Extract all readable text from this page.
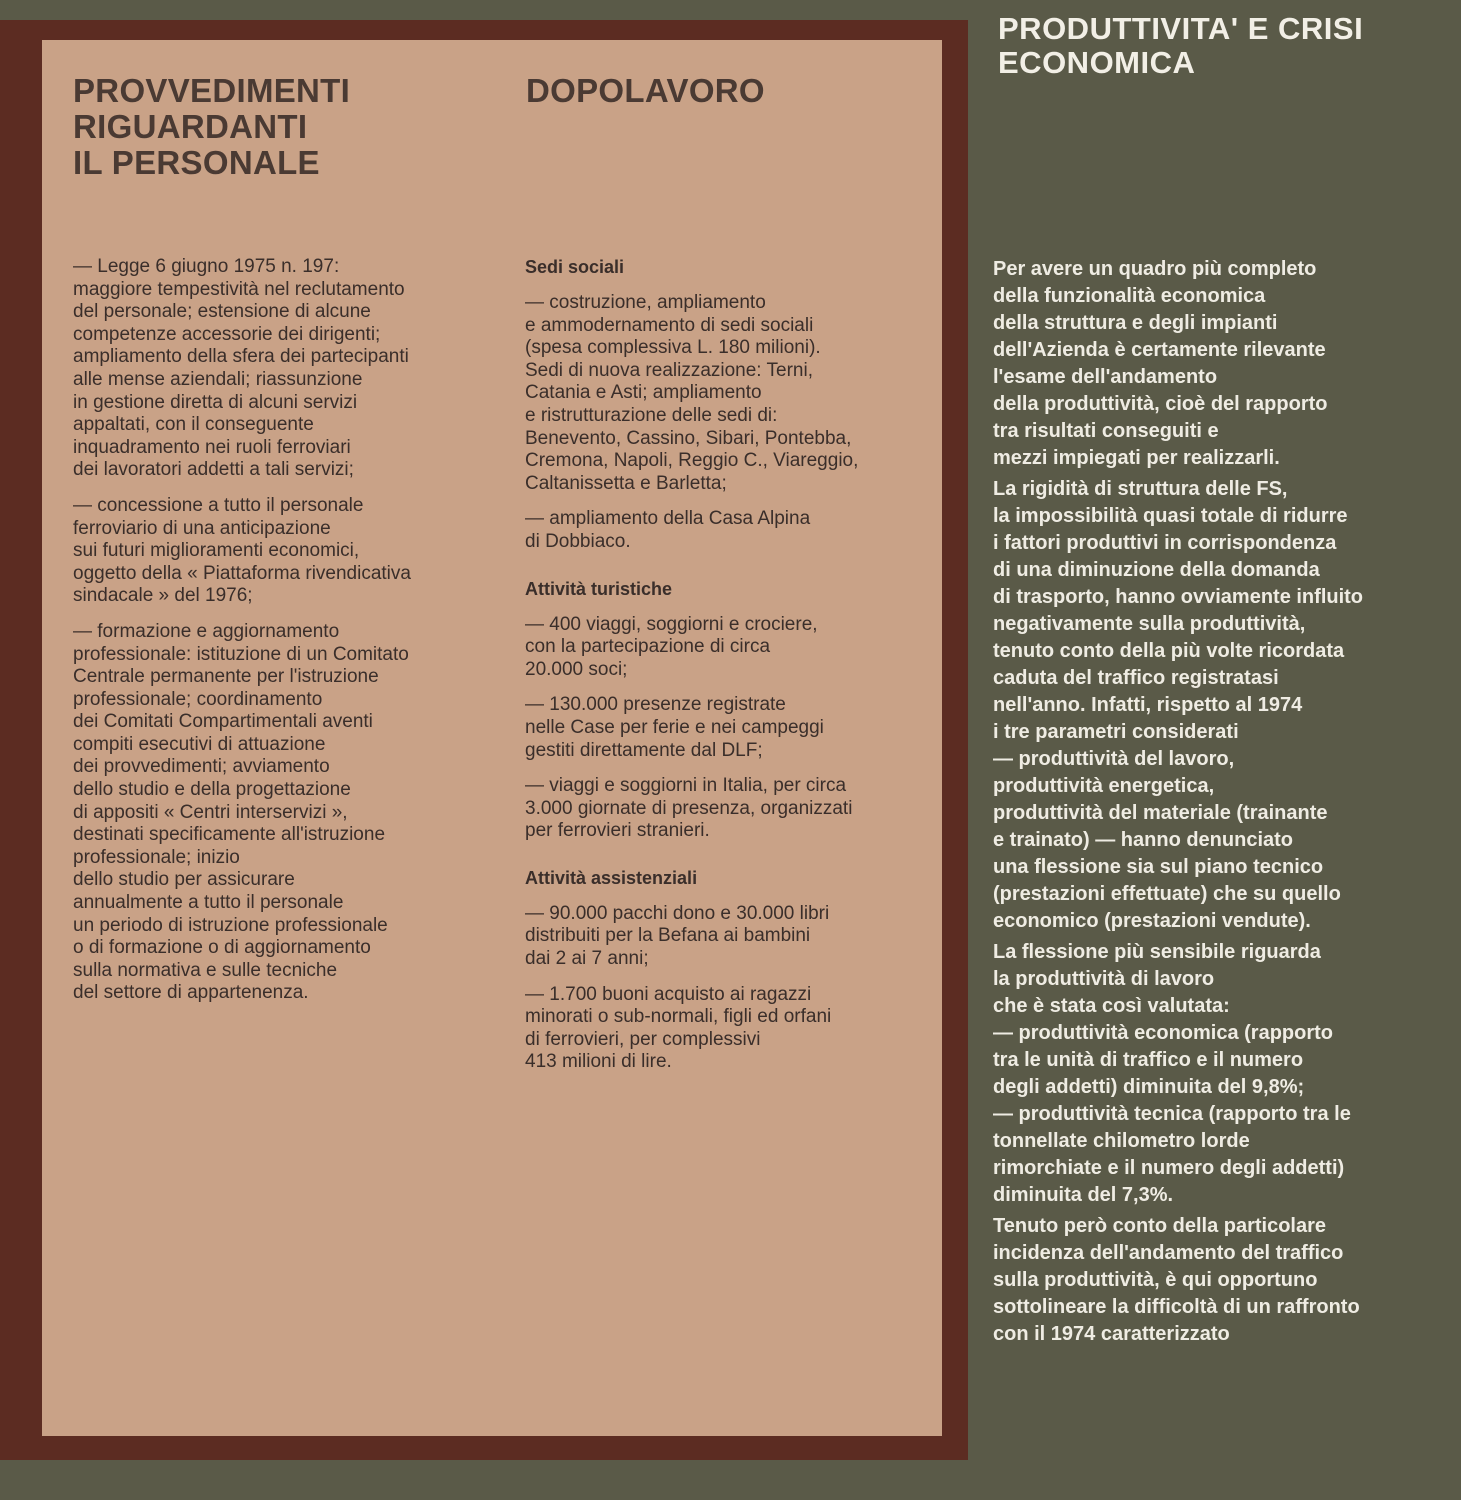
PROVVEDIMENTI
RIGUARDANTI
IL PERSONALE
DOPOLAVORO

— Legge 6 giugno 1975 n. 197:
maggiore tempestività nel reclutamento
del personale; estensione di alcune
competenze accessorie dei dirigenti;
ampliamento della sfera dei partecipanti
alle mense aziendali; riassunzione
in gestione diretta di alcuni servizi
appaltati, con il conseguente
inquadramento nei ruoli ferroviari
dei lavoratori addetti a tali servizi;

— concessione a tutto il personale
ferroviario di una anticipazione
sui futuri miglioramenti economici,
oggetto della « Piattaforma rivendicativa
sindacale » del 1976;

— formazione e aggiornamento
professionale: istituzione di un Comitato
Centrale permanente per l'istruzione
professionale; coordinamento
dei Comitati Compartimentali aventi
compiti esecutivi di attuazione
dei provvedimenti; avviamento
dello studio e della progettazione
di appositi « Centri interservizi »,
destinati specificamente all'istruzione
professionale; inizio
dello studio per assicurare
annualmente a tutto il personale
un periodo di istruzione professionale
o di formazione o di aggiornamento
sulla normativa e sulle tecniche
del settore di appartenenza.

Sedi sociali

— costruzione, ampliamento
e ammodernamento di sedi sociali
(spesa complessiva L. 180 milioni).
Sedi di nuova realizzazione: Terni,
Catania e Asti; ampliamento
e ristrutturazione delle sedi di:
Benevento, Cassino, Sibari, Pontebba,
Cremona, Napoli, Reggio C., Viareggio,
Caltanissetta e Barletta;

— ampliamento della Casa Alpina
di Dobbiaco.

Attività turistiche

— 400 viaggi, soggiorni e crociere,
con la partecipazione di circa
20.000 soci;

— 130.000 presenze registrate
nelle Case per ferie e nei campeggi
gestiti direttamente dal DLF;

— viaggi e soggiorni in Italia, per circa
3.000 giornate di presenza, organizzati
per ferrovieri stranieri.

Attività assistenziali

— 90.000 pacchi dono e 30.000 libri
distribuiti per la Befana ai bambini
dai 2 ai 7 anni;

— 1.700 buoni acquisto ai ragazzi
minorati o sub-normali, figli ed orfani
di ferrovieri, per complessivi
413 milioni di lire.

PRODUTTIVITA' E CRISI
ECONOMICA

Per avere un quadro più completo
della funzionalità economica
della struttura e degli impianti
dell'Azienda è certamente rilevante
l'esame dell'andamento
della produttività, cioè del rapporto
tra risultati conseguiti e
mezzi impiegati per realizzarli.

La rigidità di struttura delle FS,
la impossibilità quasi totale di ridurre
i fattori produttivi in corrispondenza
di una diminuzione della domanda
di trasporto, hanno ovviamente influito
negativamente sulla produttività,
tenuto conto della più volte ricordata
caduta del traffico registratasi
nell'anno. Infatti, rispetto al 1974
i tre parametri considerati
— produttività del lavoro,
produttività energetica,
produttività del materiale (trainante
e trainato) — hanno denunciato
una flessione sia sul piano tecnico
(prestazioni effettuate) che su quello
economico (prestazioni vendute).

La flessione più sensibile riguarda
la produttività di lavoro
che è stata così valutata:
— produttività economica (rapporto
tra le unità di traffico e il numero
degli addetti) diminuita del 9,8%;
— produttività tecnica (rapporto tra le
tonnellate chilometro lorde
rimorchiate e il numero degli addetti)
diminuita del 7,3%.

Tenuto però conto della particolare
incidenza dell'andamento del traffico
sulla produttività, è qui opportuno
sottolineare la difficoltà di un raffronto
con il 1974 caratterizzato
